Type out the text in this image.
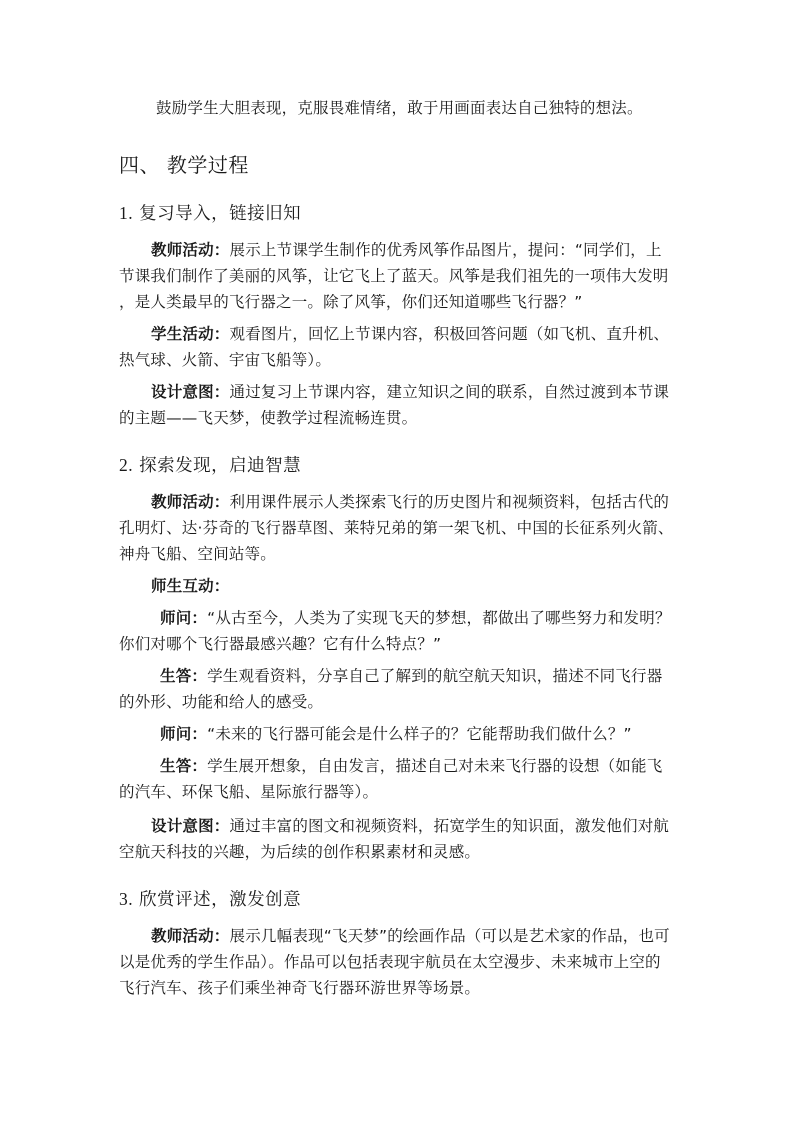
鼓励学生大胆表现，克服畏难情绪，敢于用画面表达自己独特的想法。
四、 教学过程
1. 复习导入，链接旧知
教师活动：展示上节课学生制作的优秀风筝作品图片，提问：“同学们，上
节课我们制作了美丽的风筝，让它飞上了蓝天。风筝是我们祖先的一项伟大发明
，是人类最早的飞行器之一。除了风筝，你们还知道哪些飞行器？”
学生活动：观看图片，回忆上节课内容，积极回答问题（如飞机、直升机、
热气球、火箭、宇宙飞船等）。
设计意图：通过复习上节课内容，建立知识之间的联系，自然过渡到本节课
的主题——飞天梦，使教学过程流畅连贯。
2. 探索发现，启迪智慧
教师活动：利用课件展示人类探索飞行的历史图片和视频资料，包括古代的
孔明灯、达·芬奇的飞行器草图、莱特兄弟的第一架飞机、中国的长征系列火箭、
神舟飞船、空间站等。
师生互动：
师问：“从古至今，人类为了实现飞天的梦想，都做出了哪些努力和发明？
你们对哪个飞行器最感兴趣？它有什么特点？”
生答：学生观看资料，分享自己了解到的航空航天知识，描述不同飞行器
的外形、功能和给人的感受。
师问：“未来的飞行器可能会是什么样子的？它能帮助我们做什么？”
生答：学生展开想象，自由发言，描述自己对未来飞行器的设想（如能飞
的汽车、环保飞船、星际旅行器等）。
设计意图：通过丰富的图文和视频资料，拓宽学生的知识面，激发他们对航
空航天科技的兴趣，为后续的创作积累素材和灵感。
3. 欣赏评述，激发创意
教师活动：展示几幅表现“飞天梦”的绘画作品（可以是艺术家的作品，也可
以是优秀的学生作品）。作品可以包括表现宇航员在太空漫步、未来城市上空的
飞行汽车、孩子们乘坐神奇飞行器环游世界等场景。
